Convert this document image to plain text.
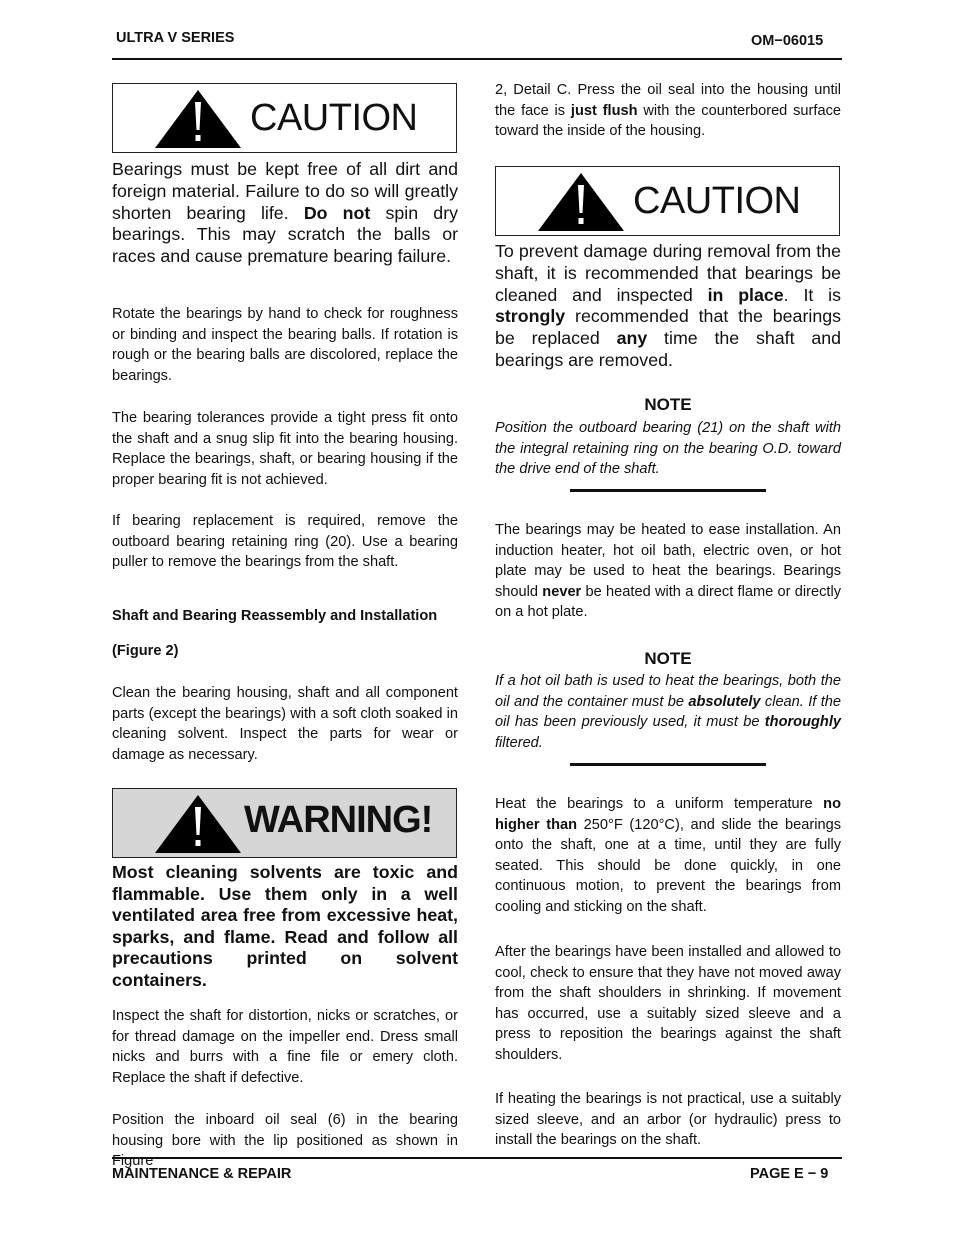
ULTRA V SERIES	OM−06015
CAUTION

Bearings must be kept free of all dirt and foreign material. Failure to do so will greatly shorten bearing life. Do not spin dry bearings. This may scratch the balls or races and cause premature bearing failure.

Rotate the bearings by hand to check for roughness or binding and inspect the bearing balls. If rotation is rough or the bearing balls are discolored, replace the bearings.

The bearing tolerances provide a tight press fit onto the shaft and a snug slip fit into the bearing housing. Replace the bearings, shaft, or bearing housing if the proper bearing fit is not achieved.

If bearing replacement is required, remove the outboard bearing retaining ring (20). Use a bearing puller to remove the bearings from the shaft.

Shaft and Bearing Reassembly and Installation
(Figure 2)

Clean the bearing housing, shaft and all component parts (except the bearings) with a soft cloth soaked in cleaning solvent. Inspect the parts for wear or damage as necessary.

WARNING!

Most cleaning solvents are toxic and flammable. Use them only in a well ventilated area free from excessive heat, sparks, and flame. Read and follow all precautions printed on solvent containers.

Inspect the shaft for distortion, nicks or scratches, or for thread damage on the impeller end. Dress small nicks and burrs with a fine file or emery cloth. Replace the shaft if defective.

Position the inboard oil seal (6) in the bearing housing bore with the lip positioned as shown in Figure

2, Detail C. Press the oil seal into the housing until the face is just flush with the counterbored surface toward the inside of the housing.

CAUTION

To prevent damage during removal from the shaft, it is recommended that bearings be cleaned and inspected in place. It is strongly recommended that the bearings be replaced any time the shaft and bearings are removed.

NOTE

Position the outboard bearing (21) on the shaft with the integral retaining ring on the bearing O.D. toward the drive end of the shaft.

The bearings may be heated to ease installation. An induction heater, hot oil bath, electric oven, or hot plate may be used to heat the bearings. Bearings should never be heated with a direct flame or directly on a hot plate.

NOTE

If a hot oil bath is used to heat the bearings, both the oil and the container must be absolutely clean. If the oil has been previously used, it must be thoroughly filtered.

Heat the bearings to a uniform temperature no higher than 250°F (120°C), and slide the bearings onto the shaft, one at a time, until they are fully seated. This should be done quickly, in one continuous motion, to prevent the bearings from cooling and sticking on the shaft.

After the bearings have been installed and allowed to cool, check to ensure that they have not moved away from the shaft shoulders in shrinking. If movement has occurred, use a suitably sized sleeve and a press to reposition the bearings against the shaft shoulders.

If heating the bearings is not practical, use a suitably sized sleeve, and an arbor (or hydraulic) press to install the bearings on the shaft.

MAINTENANCE & REPAIR	PAGE E − 9
